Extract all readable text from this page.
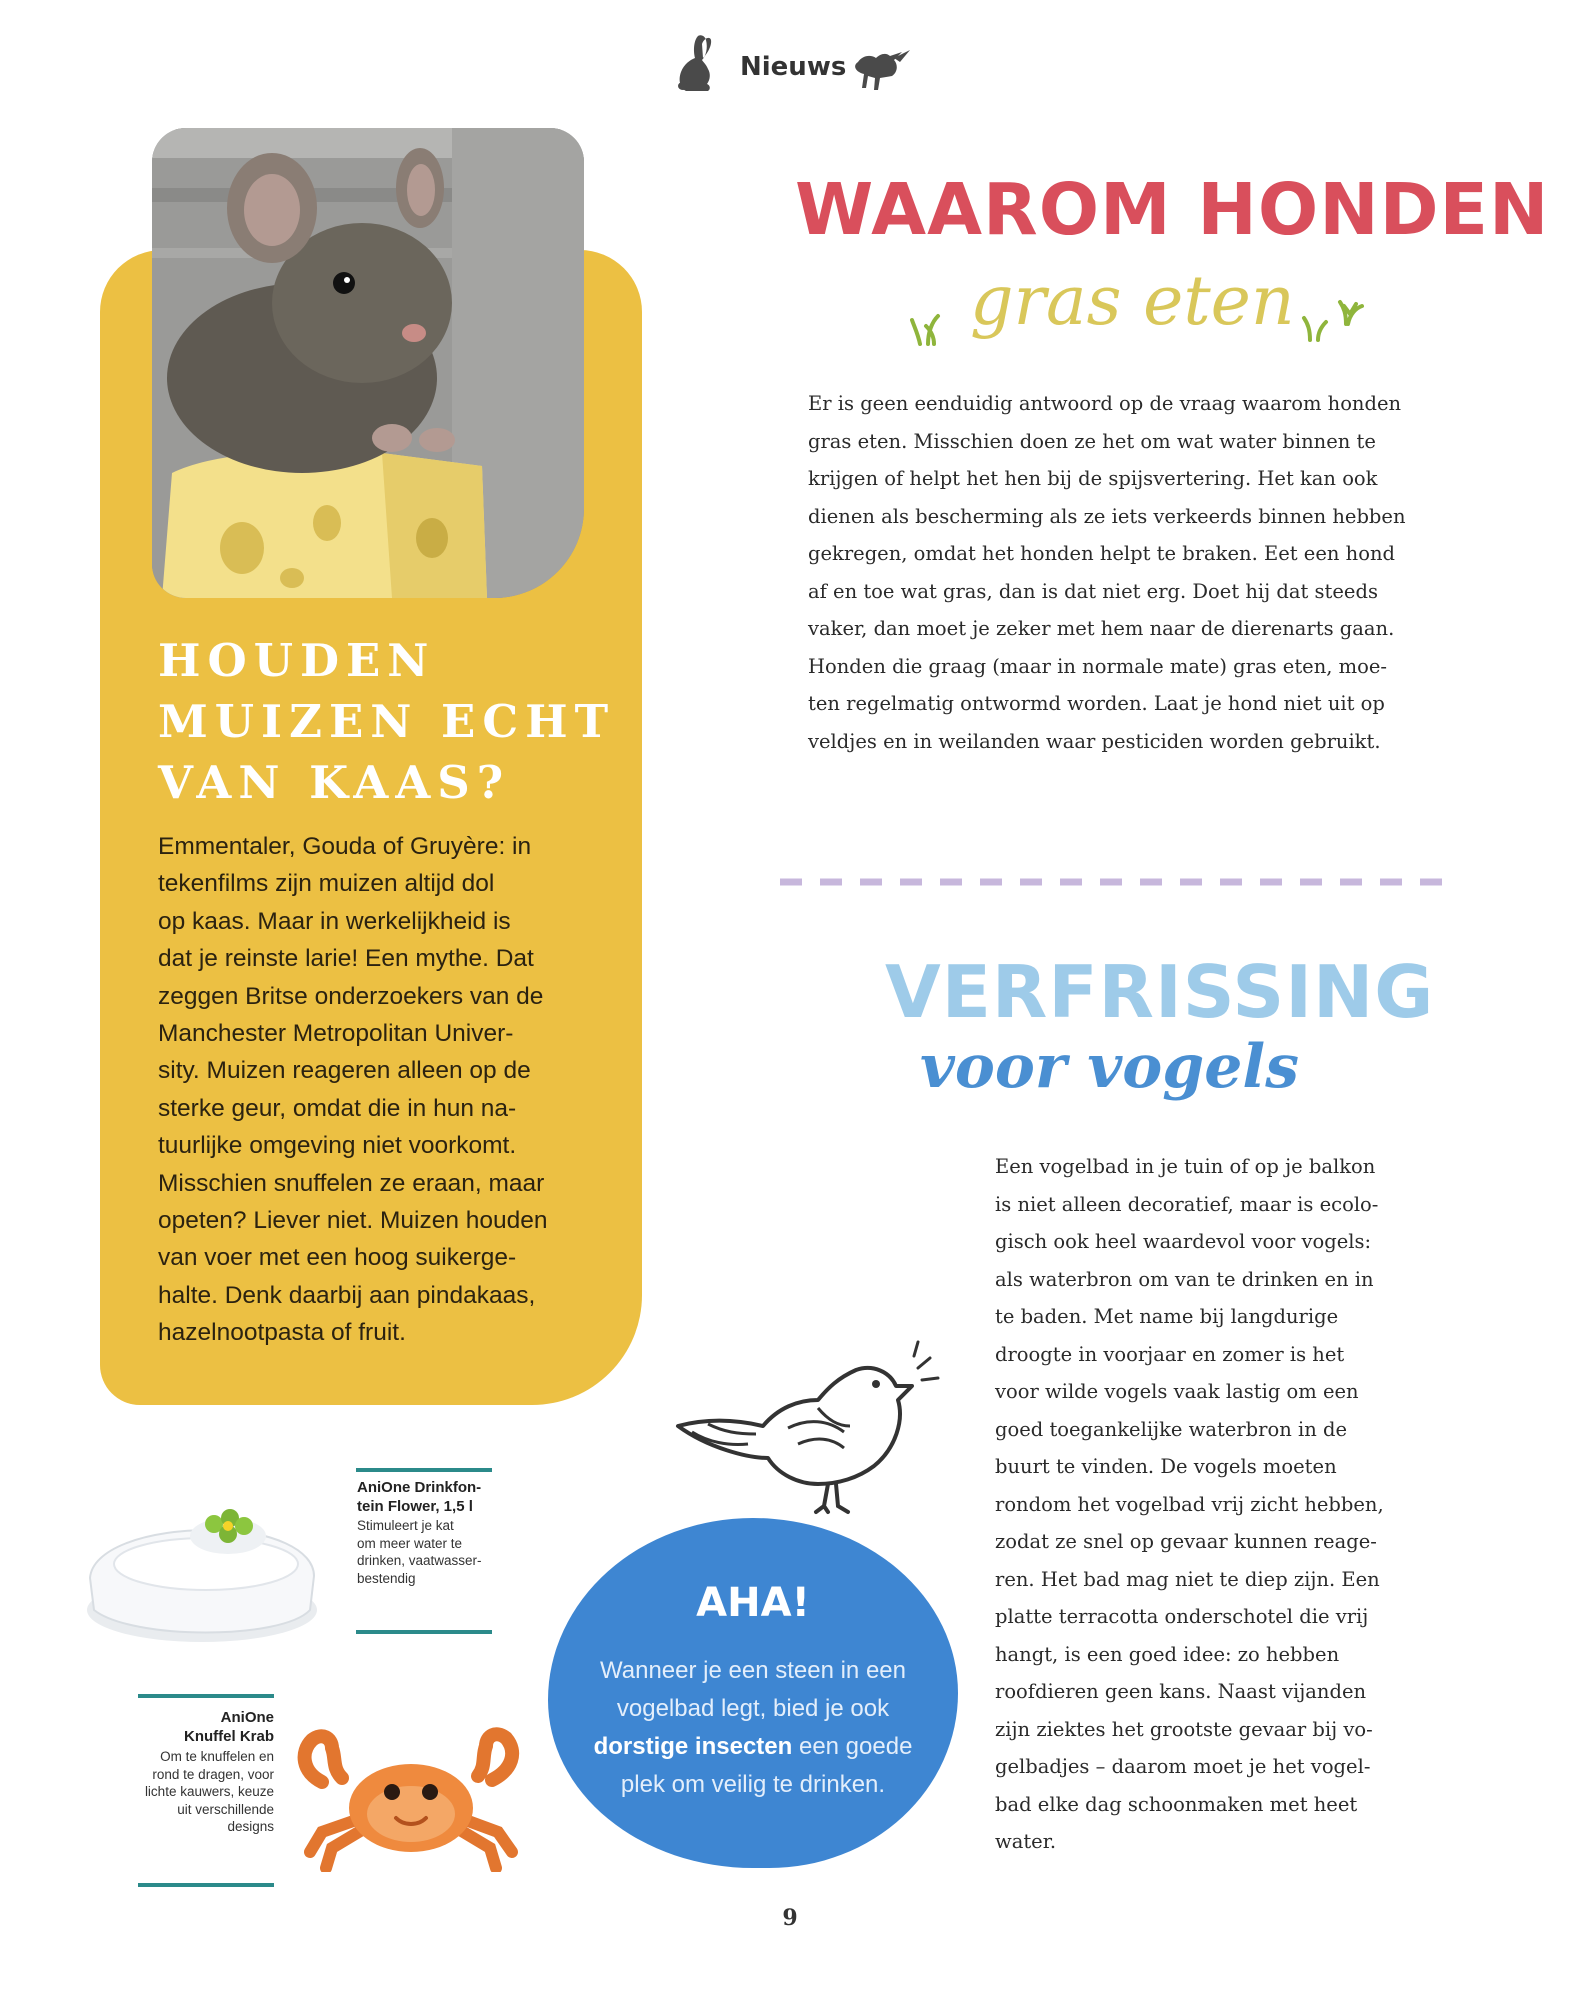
Nieuws
HOUDEN
MUIZEN ECHT
VAN KAAS?
Emmentaler, Gouda of Gruyère: in
tekenfilms zijn muizen altijd dol
op kaas. Maar in werkelijkheid is
dat je reinste larie! Een mythe. Dat
zeggen Britse onderzoekers van de
Manchester Metropolitan Univer-
sity. Muizen reageren alleen op de
sterke geur, omdat die in hun na-
tuurlijke omgeving niet voorkomt.
Misschien snuffelen ze eraan, maar
opeten? Liever niet. Muizen houden
van voer met een hoog suikerge-
halte. Denk daarbij aan pindakaas,
hazelnootpasta of fruit.
WAAROM HONDEN
gras eten
Er is geen eenduidig antwoord op de vraag waarom honden
gras eten. Misschien doen ze het om wat water binnen te
krijgen of helpt het hen bij de spijsvertering. Het kan ook
dienen als bescherming als ze iets verkeerds binnen hebben
gekregen, omdat het honden helpt te braken. Eet een hond
af en toe wat gras, dan is dat niet erg. Doet hij dat steeds
vaker, dan moet je zeker met hem naar de dierenarts gaan.
Honden die graag (maar in normale mate) gras eten, moe-
ten regelmatig ontwormd worden. Laat je hond niet uit op
veldjes en in weilanden waar pesticiden worden gebruikt.
VERFRISSING
voor vogels
Een vogelbad in je tuin of op je balkon
is niet alleen decoratief, maar is ecolo-
gisch ook heel waardevol voor vogels:
als waterbron om van te drinken en in
te baden. Met name bij langdurige
droogte in voorjaar en zomer is het
voor wilde vogels vaak lastig om een
goed toegankelijke waterbron in de
buurt te vinden. De vogels moeten
rondom het vogelbad vrij zicht hebben,
zodat ze snel op gevaar kunnen reage-
ren. Het bad mag niet te diep zijn. Een
platte terracotta onderschotel die vrij
hangt, is een goed idee: zo hebben
roofdieren geen kans. Naast vijanden
zijn ziektes het grootste gevaar bij vo-
gelbadjes – daarom moet je het vogel-
bad elke dag schoonmaken met heet
water.
AHA!
Wanneer je een steen in een
vogelbad legt, bied je ook
dorstige insecten een goede
plek om veilig te drinken.
AniOne Drinkfon-
tein Flower, 1,5 l
Stimuleert je kat
om meer water te
drinken, vaatwasser-
bestendig
AniOne
Knuffel Krab
Om te knuffelen en
rond te dragen, voor
lichte kauwers, keuze
uit verschillende
designs
9
